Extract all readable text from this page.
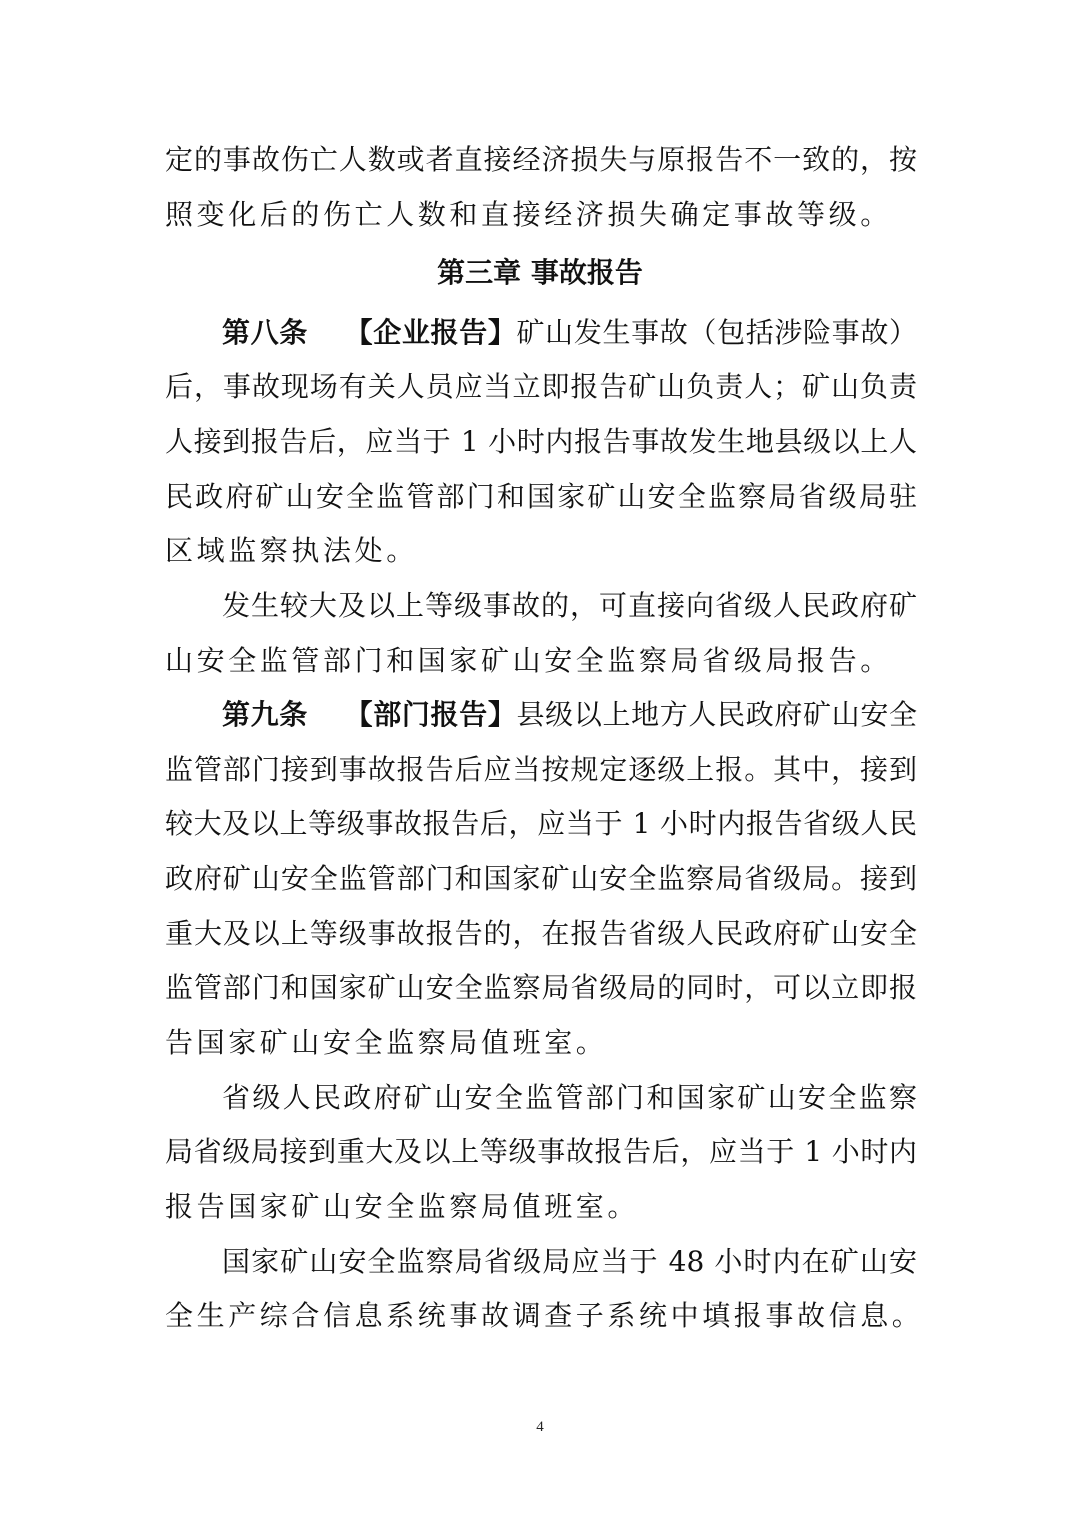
定的事故伤亡人数或者直接经济损失与原报告不一致的，按
照变化后的伤亡人数和直接经济损失确定事故等级。
第三章 事故报告
第八条 【企业报告】矿山发生事故（包括涉险事故）
后，事故现场有关人员应当立即报告矿山负责人；矿山负责
人接到报告后，应当于 1 小时内报告事故发生地县级以上人
民政府矿山安全监管部门和国家矿山安全监察局省级局驻
区域监察执法处。
发生较大及以上等级事故的，可直接向省级人民政府矿
山安全监管部门和国家矿山安全监察局省级局报告。
第九条 【部门报告】县级以上地方人民政府矿山安全
监管部门接到事故报告后应当按规定逐级上报。其中，接到
较大及以上等级事故报告后，应当于 1 小时内报告省级人民
政府矿山安全监管部门和国家矿山安全监察局省级局。接到
重大及以上等级事故报告的，在报告省级人民政府矿山安全
监管部门和国家矿山安全监察局省级局的同时，可以立即报
告国家矿山安全监察局值班室。
省级人民政府矿山安全监管部门和国家矿山安全监察
局省级局接到重大及以上等级事故报告后，应当于 1 小时内
报告国家矿山安全监察局值班室。
国家矿山安全监察局省级局应当于 48 小时内在矿山安
全生产综合信息系统事故调查子系统中填报事故信息。
4
